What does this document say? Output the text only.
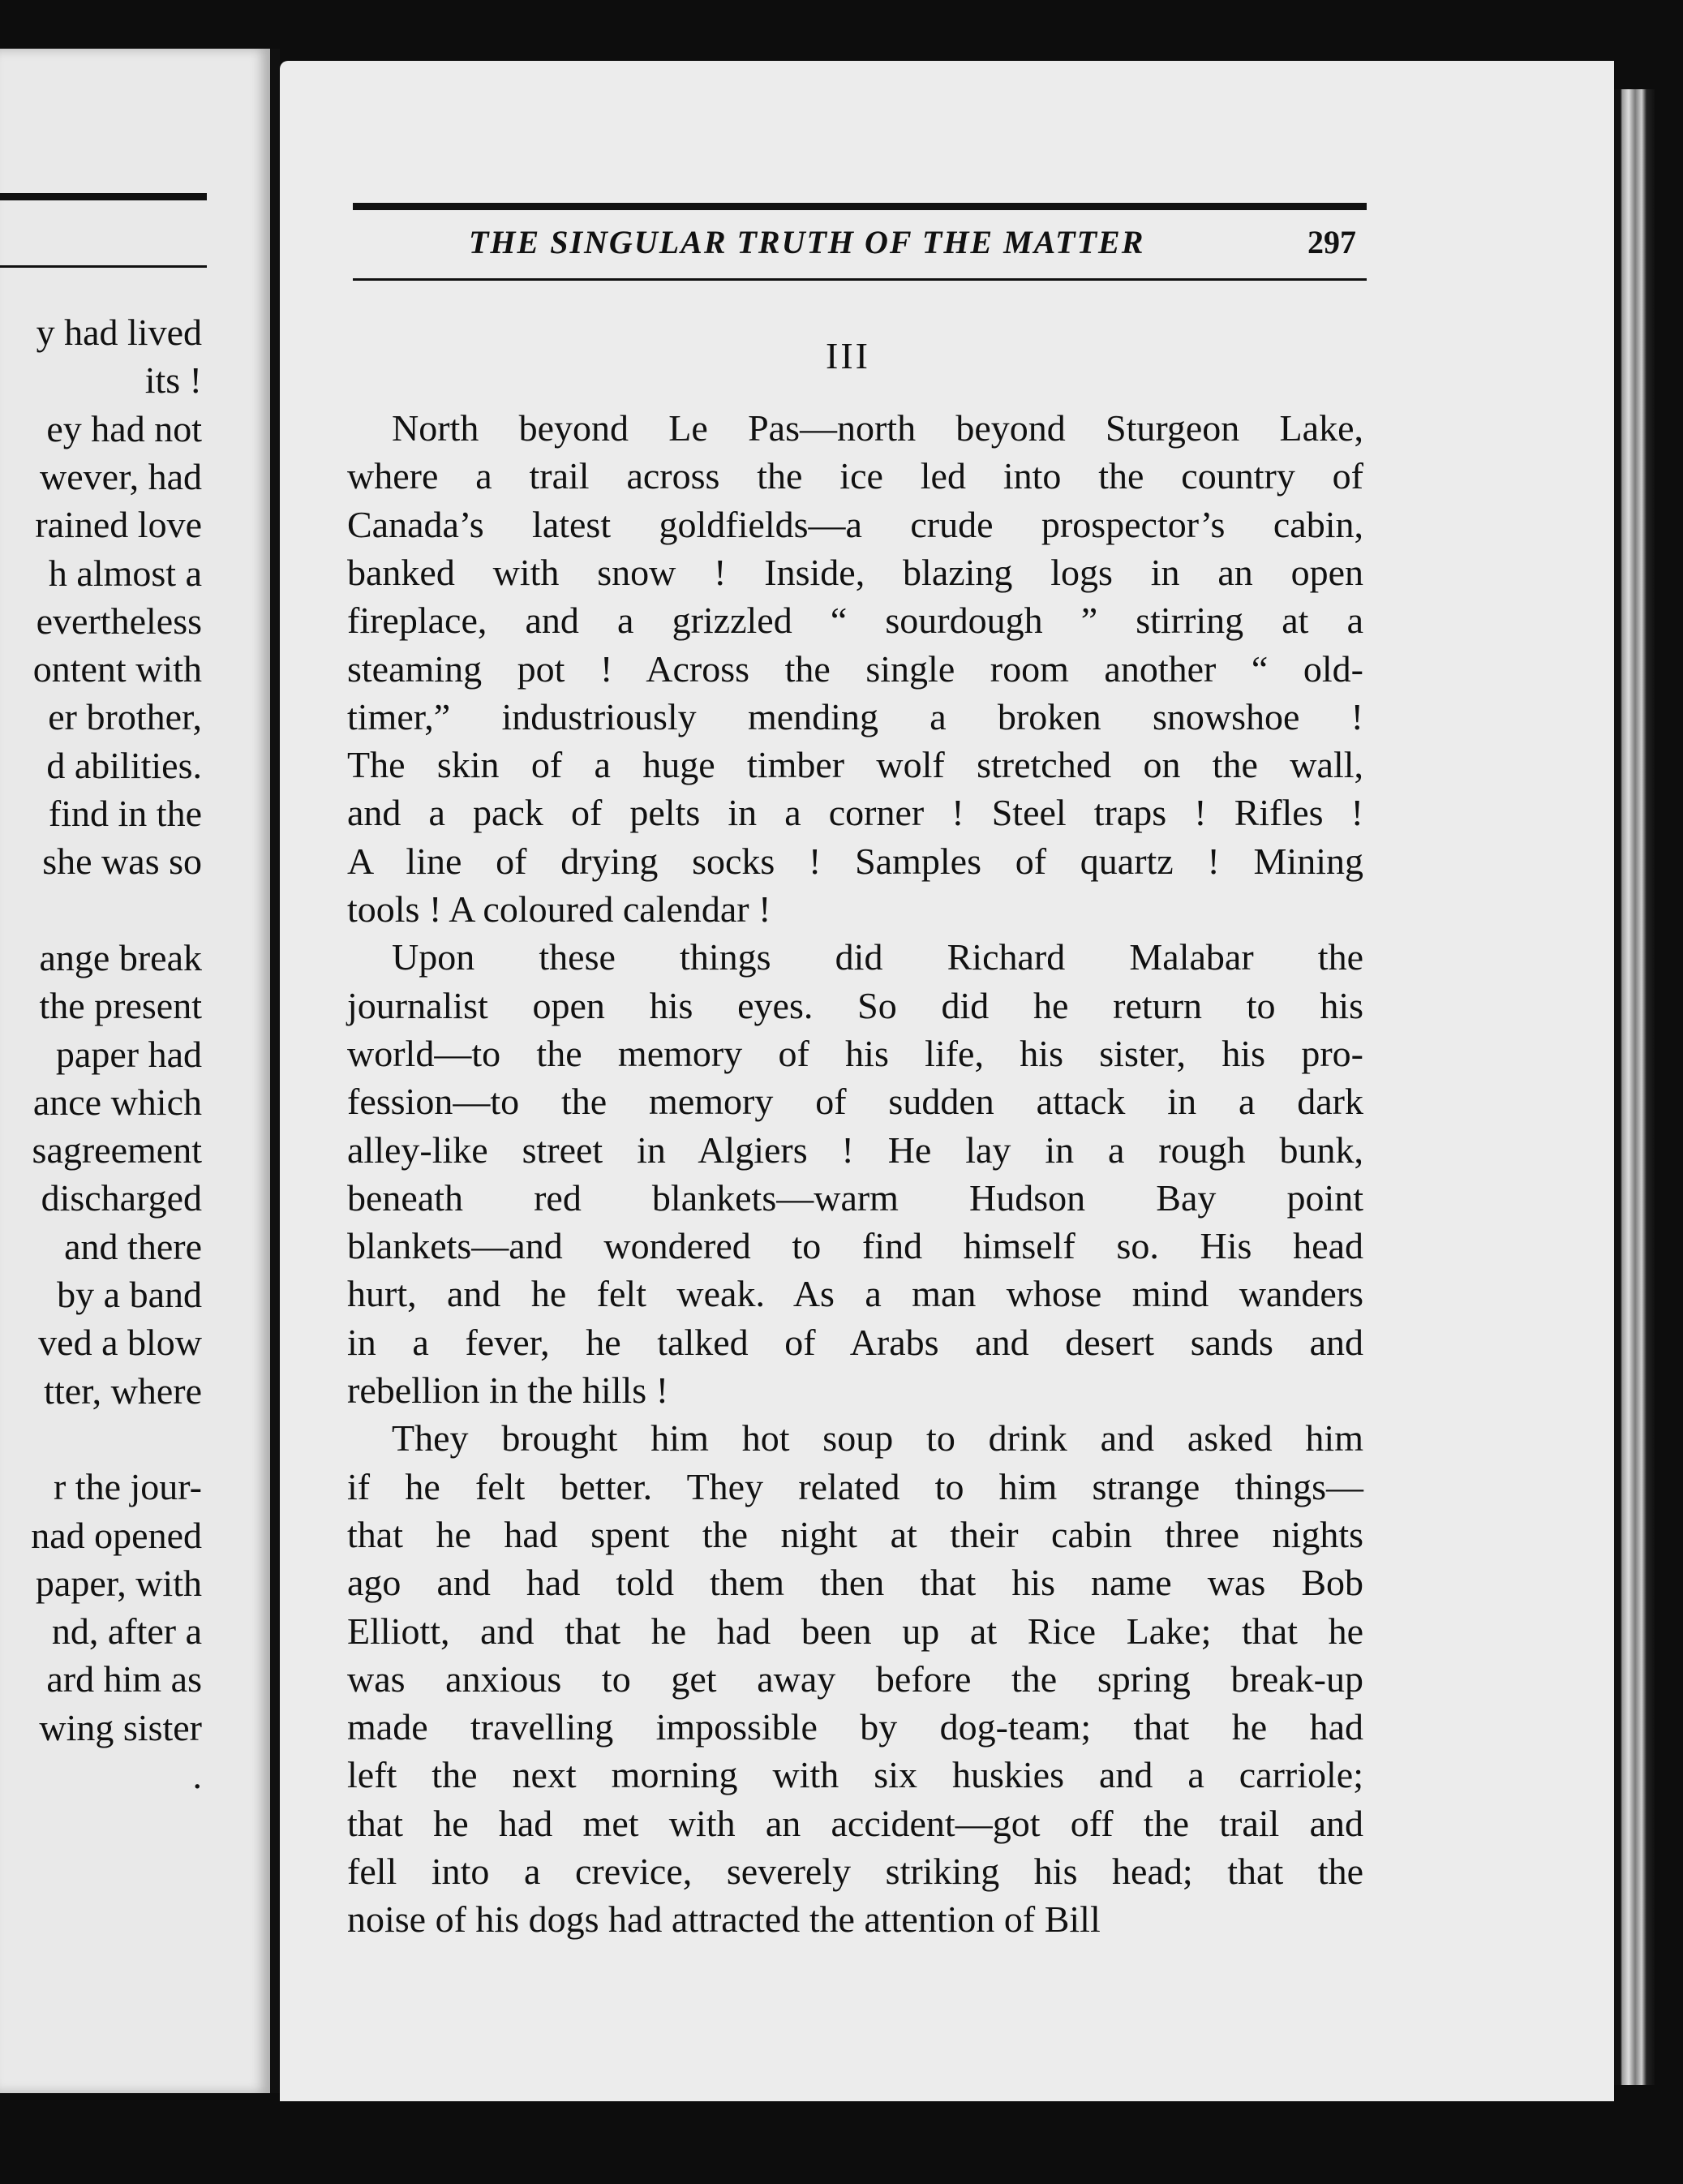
y had lived
its !
ey had not
wever, had
rained love
h almost a
evertheless
ontent with
er brother,
d abilities.
find in the
she was so
ange break
the present
paper had
ance which
sagreement
discharged
and there
by a band
ved a blow
tter, where
r the jour-
nad opened
paper, with
nd, after a
ard him as
wing sister
.
THE SINGULAR TRUTH OF THE MATTER	297
III
North beyond Le Pas—north beyond Sturgeon Lake,
where a trail across the ice led into the country of
Canada’s latest goldfields—a crude prospector’s cabin,
banked with snow ! Inside, blazing logs in an open
fireplace, and a grizzled “ sourdough ” stirring at a
steaming pot ! Across the single room another “ old-
timer,” industriously mending a broken snowshoe !
The skin of a huge timber wolf stretched on the wall,
and a pack of pelts in a corner ! Steel traps ! Rifles !
A line of drying socks ! Samples of quartz ! Mining
tools ! A coloured calendar !
Upon these things did Richard Malabar the
journalist open his eyes. So did he return to his
world—to the memory of his life, his sister, his pro-
fession—to the memory of sudden attack in a dark
alley-like street in Algiers ! He lay in a rough bunk,
beneath red blankets—warm Hudson Bay point
blankets—and wondered to find himself so. His head
hurt, and he felt weak. As a man whose mind wanders
in a fever, he talked of Arabs and desert sands and
rebellion in the hills !
They brought him hot soup to drink and asked him
if he felt better. They related to him strange things—
that he had spent the night at their cabin three nights
ago and had told them then that his name was Bob
Elliott, and that he had been up at Rice Lake; that he
was anxious to get away before the spring break-up
made travelling impossible by dog-team; that he had
left the next morning with six huskies and a carriole;
that he had met with an accident—got off the trail and
fell into a crevice, severely striking his head; that the
noise of his dogs had attracted the attention of Bill
